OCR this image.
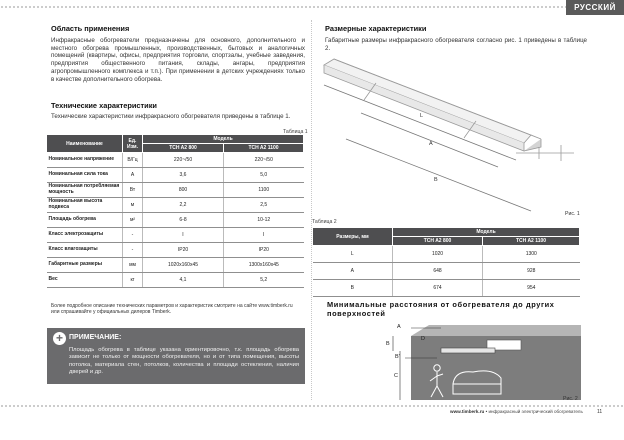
РУССКИЙ
Область применения

Инфракрасные обогреватели предназначены для основного, дополнительного и местного обогрева промышленных, производственных, бытовых и аналогичных помещений (квартиры, офисы, предприятия торговли, спортзалы, учебные заведения, предприятия общественного питания, склады, ангары, предприятия агропромышленного комплекса и т.п.). При применении в детских учреждениях только в качестве дополнительного обогрева.

Технические характеристики

Технические характеристики инфракрасного обогревателя приведены в таблице 1.

Таблица 1
Наименование	Ед. Изм.	Модель	
		TCH A2 800	TCH A2 1100
Номинальное напряжение	В/Гц	220~/50	220~/50
Номинальная сила тока	А	3,6	5,0
Номинальная потребляемая мощность	Вт	800	1100
Номинальная высота подвеса	м	2,2	2,5
Площадь обогрева	м²	6-8	10-12
Класс электрозащиты	-	I	I
Класс влагозащиты	-	IP20	IP20
Габаритные размеры	мм	1020х160х45	1300х160х45
Вес	кг	4,1	5,2

Более подробное описание технических параметров и характеристик смотрите на сайте www.timberk.ru или спрашивайте у официальных дилеров Timberk.

+ ПРИМЕЧАНИЕ:

Площадь обогрева в таблице указана ориентировочно, т.к. площадь обогрева зависит не только от мощности обогревателя, но и от типа помещения, высоты потолка, материала стен, потолков, количества и площади остекления, наличия дверей и др.

Размерные характеристики

Габаритные размеры инфракрасного обогревателя согласно рис. 1 приведены в таблице 2.

L
A
B
Рис. 1
Таблица 2
Размеры, мм	Модель	
	TCH A2 800	TCH A2 1100
L	1020	1300
A	648	928
B	674	954
Минимальные расстояния от обогревателя до других поверхностей
A
B
C
D
B'
Рис. 2
www.timberk.ru • инфракрасный электрический обогреватель	11
